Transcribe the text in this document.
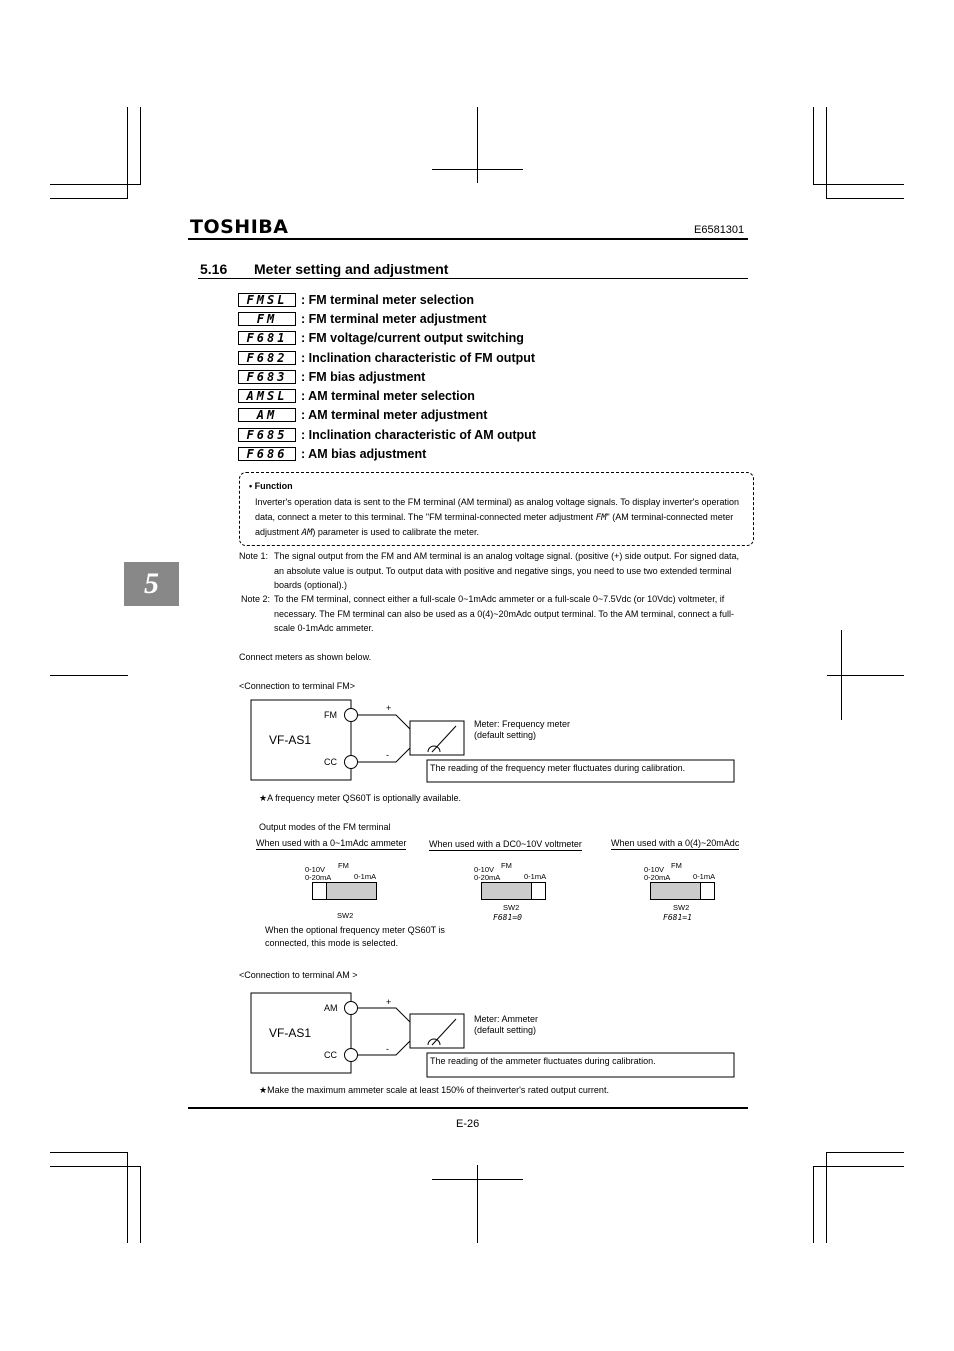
TOSHIBA	E6581301
5.16 Meter setting and adjustment
FMSL	: FM terminal meter selection
FM	: FM terminal meter adjustment
F681	: FM voltage/current output switching
F682	: Inclination characteristic of FM output
F683	: FM bias adjustment
AMSL	: AM terminal meter selection
AM	: AM terminal meter adjustment
F685	: Inclination characteristic of AM output
F686	: AM bias adjustment
• Function
Inverter's operation data is sent to the FM terminal (AM terminal) as analog voltage signals. To display inverter's operation data, connect a meter to this terminal. The "FM terminal-connected meter adjustment FM" (AM terminal-connected meter adjustment AM) parameter is used to calibrate the meter.
Note 1: The signal output from the FM and AM terminal is an analog voltage signal. (positive (+) side output. For signed data, an absolute value is output. To output data with positive and negative sings, you need to use two extended terminal boards (optional).)
Note 2: To the FM terminal, connect either a full-scale 0~1mAdc ammeter or a full-scale 0~7.5Vdc (or 10Vdc) voltmeter, if necessary. The FM terminal can also be used as a 0(4)~20mAdc output terminal. To the AM terminal, connect a full-scale 0-1mAdc ammeter.
5
Connect meters as shown below.
<Connection to terminal FM>
VF-AS1
FM
CC
+
-
Meter: Frequency meter
(default setting)
The reading of the frequency meter fluctuates during calibration.
★A frequency meter QS60T is optionally available.
Output modes of the FM terminal
When used with a 0~1mAdc ammeter	When used with a DC0~10V voltmeter	When used with a 0(4)~20mAdc
0-10V
0-20mA
FM
0-1mA
SW2
When the optional frequency meter QS60T is
connected, this mode is selected.
0-10V
0-20mA
FM
0-1mA
SW2
F681=0
0-10V
0-20mA
FM
0-1mA
SW2
F681=1
<Connection to terminal AM >
VF-AS1
AM
CC
+
-
Meter: Ammeter
(default setting)
The reading of the ammeter fluctuates during calibration.
★Make the maximum ammeter scale at least 150% of theinverter's rated output current.
E-26
